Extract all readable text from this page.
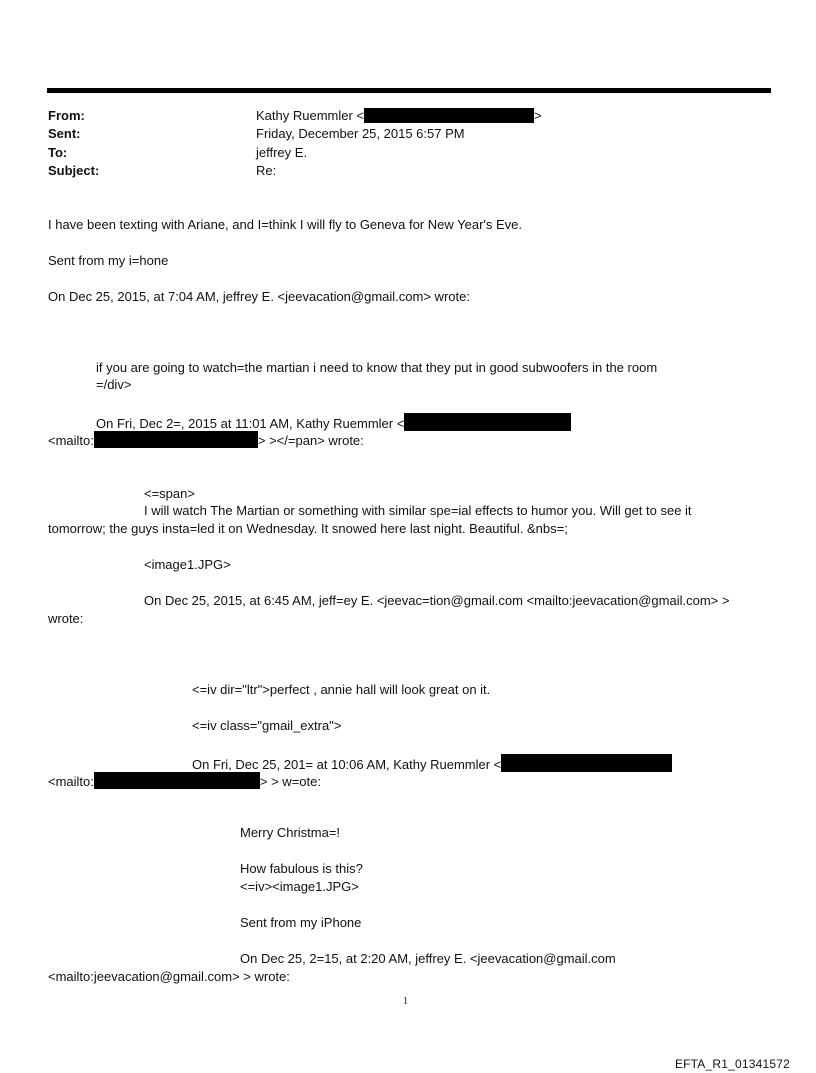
From:	Kathy Ruemmler <	>
Sent:	Friday, December 25, 2015 6:57 PM
To:	jeffrey E.
Subject:	Re:
I have been texting with Ariane, and I=think I will fly to Geneva for New Year's Eve.
Sent from my i=hone
On Dec 25, 2015, at 7:04 AM, jeffrey E. <jeevacation@gmail.com> wrote:
if you are going to watch=the martian i need to know that they put in good subwoofers in the room
=/div>
On Fri, Dec 2=, 2015 at 11:01 AM, Kathy Ruemmler <
<mailto:	> ></=pan> wrote:
<=span>
I will watch The Martian or something with similar spe=ial effects to humor you. Will get to see it
tomorrow; the guys insta=led it on Wednesday. It snowed here last night. Beautiful. &nbs=;
<image1.JPG>
On Dec 25, 2015, at 6:45 AM, jeff=ey E. <jeevac=tion@gmail.com <mailto:jeevacation@gmail.com> >
wrote:
<=iv dir="ltr">perfect , annie hall will look great on it.
<=iv class="gmail_extra">
On Fri, Dec 25, 201= at 10:06 AM, Kathy Ruemmler <
<mailto:	> > w=ote:
Merry Christma=!
How fabulous is this?
<=iv><image1.JPG>
Sent from my iPhone
On Dec 25, 2=15, at 2:20 AM, jeffrey E. <jeevacation@gmail.com
<mailto:jeevacation@gmail.com> > wrote:
1
EFTA_R1_01341572
